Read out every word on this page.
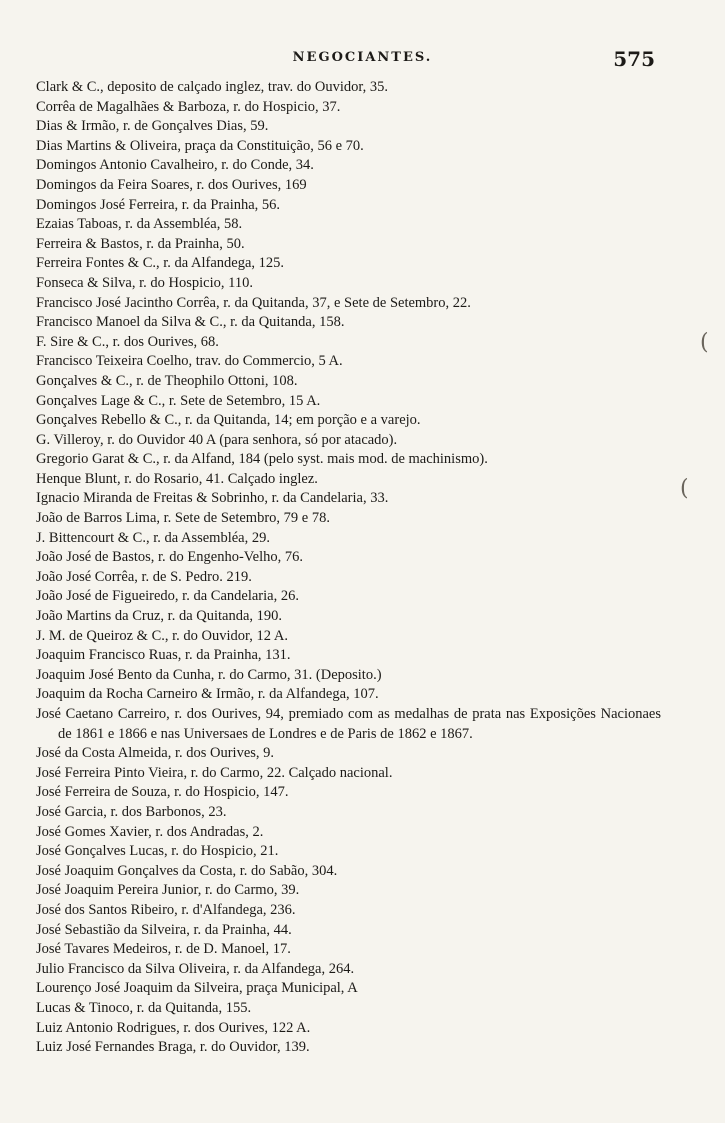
NEGOCIANTES.	575
Clark & C., deposito de calçado inglez, trav. do Ouvidor, 35.
Corrêa de Magalhães & Barboza, r. do Hospicio, 37.
Dias & Irmão, r. de Gonçalves Dias, 59.
Dias Martins & Oliveira, praça da Constituição, 56 e 70.
Domingos Antonio Cavalheiro, r. do Conde, 34.
Domingos da Feira Soares, r. dos Ourives, 169
Domingos José Ferreira, r. da Prainha, 56.
Ezaias Taboas, r. da Assembléa, 58.
Ferreira & Bastos, r. da Prainha, 50.
Ferreira Fontes & C., r. da Alfandega, 125.
Fonseca & Silva, r. do Hospicio, 110.
Francisco José Jacintho Corrêa, r. da Quitanda, 37, e Sete de Setembro, 22.
Francisco Manoel da Silva & C., r. da Quitanda, 158.
F. Sire & C., r. dos Ourives, 68.
Francisco Teixeira Coelho, trav. do Commercio, 5 A.
Gonçalves & C., r. de Theophilo Ottoni, 108.
Gonçalves Lage & C., r. Sete de Setembro, 15 A.
Gonçalves Rebello & C., r. da Quitanda, 14; em porção e a varejo.
G. Villeroy, r. do Ouvidor 40 A (para senhora, só por atacado).
Gregorio Garat & C., r. da Alfand, 184 (pelo syst. mais mod. de machinismo).
Henque Blunt, r. do Rosario, 41. Calçado inglez.
Ignacio Miranda de Freitas & Sobrinho, r. da Candelaria, 33.
João de Barros Lima, r. Sete de Setembro, 79 e 78.
J. Bittencourt & C., r. da Assembléa, 29.
João José de Bastos, r. do Engenho-Velho, 76.
João José Corrêa, r. de S. Pedro. 219.
João José de Figueiredo, r. da Candelaria, 26.
João Martins da Cruz, r. da Quitanda, 190.
J. M. de Queiroz & C., r. do Ouvidor, 12 A.
Joaquim Francisco Ruas, r. da Prainha, 131.
Joaquim José Bento da Cunha, r. do Carmo, 31. (Deposito.)
Joaquim da Rocha Carneiro & Irmão, r. da Alfandega, 107.
José Caetano Carreiro, r. dos Ourives, 94, premiado com as medalhas de prata nas Exposições Nacionaes de 1861 e 1866 e nas Universaes de Londres e de Paris de 1862 e 1867.
José da Costa Almeida, r. dos Ourives, 9.
José Ferreira Pinto Vieira, r. do Carmo, 22. Calçado nacional.
José Ferreira de Souza, r. do Hospicio, 147.
José Garcia, r. dos Barbonos, 23.
José Gomes Xavier, r. dos Andradas, 2.
José Gonçalves Lucas, r. do Hospicio, 21.
José Joaquim Gonçalves da Costa, r. do Sabão, 304.
José Joaquim Pereira Junior, r. do Carmo, 39.
José dos Santos Ribeiro, r. d'Alfandega, 236.
José Sebastião da Silveira, r. da Prainha, 44.
José Tavares Medeiros, r. de D. Manoel, 17.
Julio Francisco da Silva Oliveira, r. da Alfandega, 264.
Lourenço José Joaquim da Silveira, praça Municipal, A
Lucas & Tinoco, r. da Quitanda, 155.
Luiz Antonio Rodrigues, r. dos Ourives, 122 A.
Luiz José Fernandes Braga, r. do Ouvidor, 139.
(
(
